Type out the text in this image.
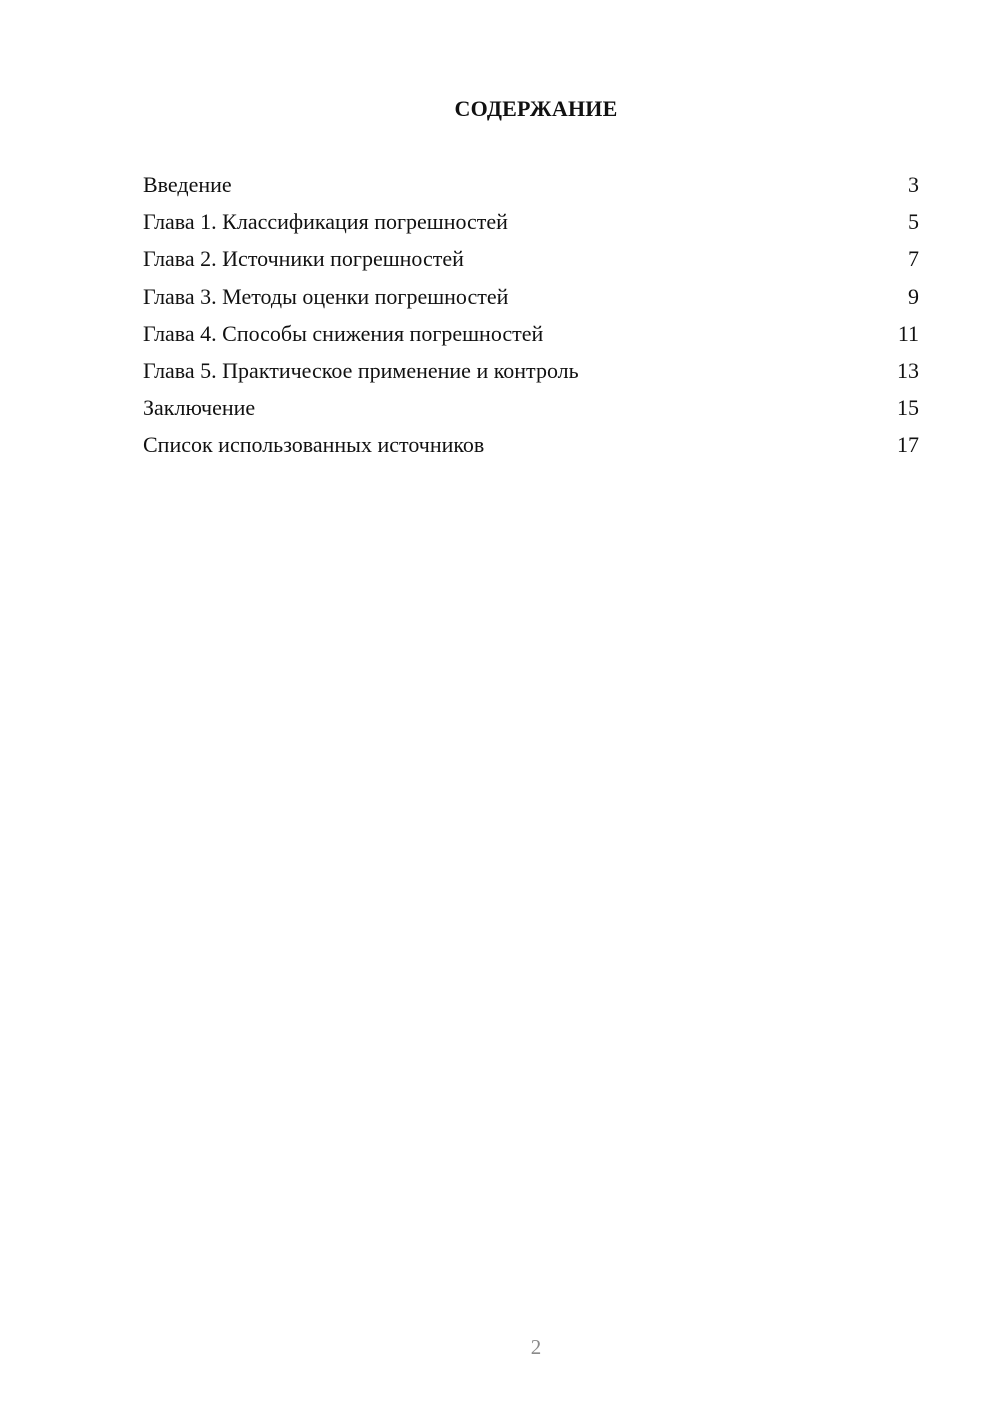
СОДЕРЖАНИЕ
Введение	3
Глава 1. Классификация погрешностей	5
Глава 2. Источники погрешностей	7
Глава 3. Методы оценки погрешностей	9
Глава 4. Способы снижения погрешностей	11
Глава 5. Практическое применение и контроль	13
Заключение	15
Список использованных источников	17
2
